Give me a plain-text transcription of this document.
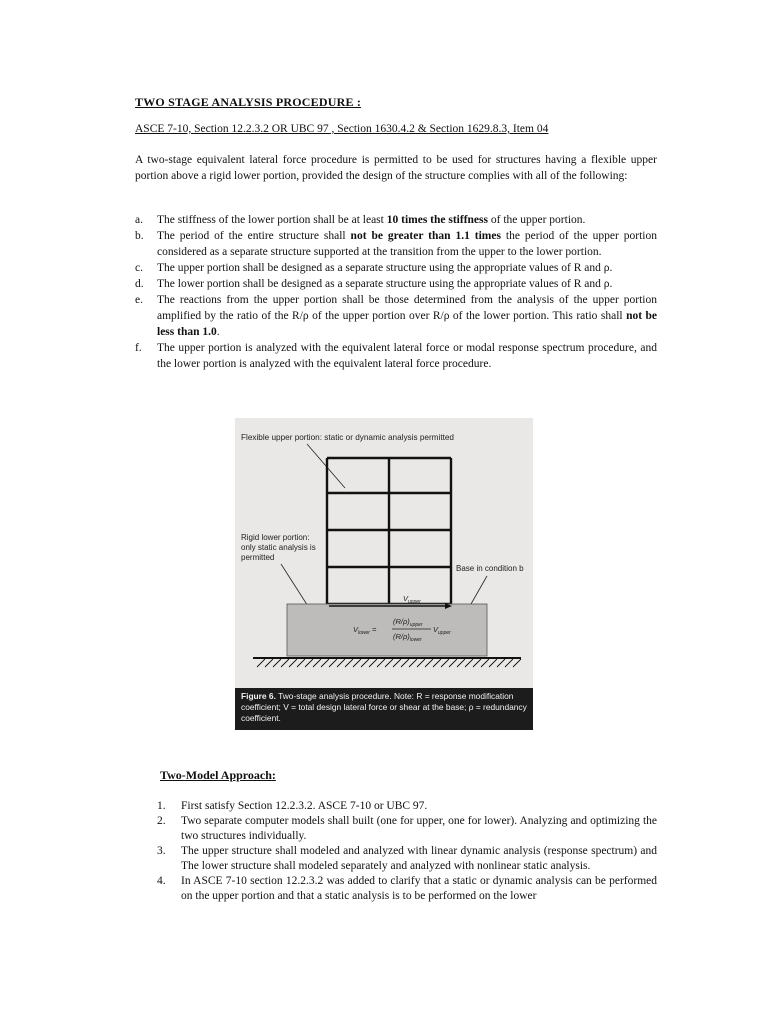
TWO STAGE ANALYSIS PROCEDURE :

ASCE 7-10, Section 12.2.3.2 OR UBC 97 , Section 1630.4.2 & Section 1629.8.3, Item 04

A two-stage equivalent lateral force procedure is permitted to be used for structures having a flexible upper portion above a rigid lower portion, provided the design of the structure complies with all of the following:

a.	The stiffness of the lower portion shall be at least 10 times the stiffness of the upper portion.
b.	The period of the entire structure shall not be greater than 1.1 times the period of the upper portion considered as a separate structure supported at the transition from the upper to the lower portion.
c.	The upper portion shall be designed as a separate structure using the appropriate values of R and ρ.
d.	The lower portion shall be designed as a separate structure using the appropriate values of R and ρ.
e.	The reactions from the upper portion shall be those determined from the analysis of the upper portion amplified by the ratio of the R/ρ of the upper portion over R/ρ of the lower portion. This ratio shall not be less than 1.0.
f.	The upper portion is analyzed with the equivalent lateral force or modal response spectrum procedure, and the lower portion is analyzed with the equivalent lateral force procedure.
Flexible upper portion: static or dynamic analysis permitted
Rigid lower portion:
only static analysis is
permitted
Base in condition b
$V_{upper}$
$V_{lower}$ =
$(R/\rho)_{upper}$
$(R/\rho)_{lower}$
$V_{upper}$
Figure 6. Two-stage analysis procedure. Note: R = response modification coefficient; V = total design lateral force or shear at the base; ρ = redundancy coefficient.

Two-Model Approach:

1.	First satisfy Section 12.2.3.2. ASCE 7-10 or UBC 97.
2.	Two separate computer models shall built (one for upper, one for lower). Analyzing and optimizing the two structures individually.
3.	The upper structure shall modeled and analyzed with linear dynamic analysis (response spectrum) and The lower structure shall modeled separately and analyzed with nonlinear static analysis.
4.	In ASCE 7-10 section 12.2.3.2 was added to clarify that a static or dynamic analysis can be performed on the upper portion and that a static analysis is to be performed on the lower
